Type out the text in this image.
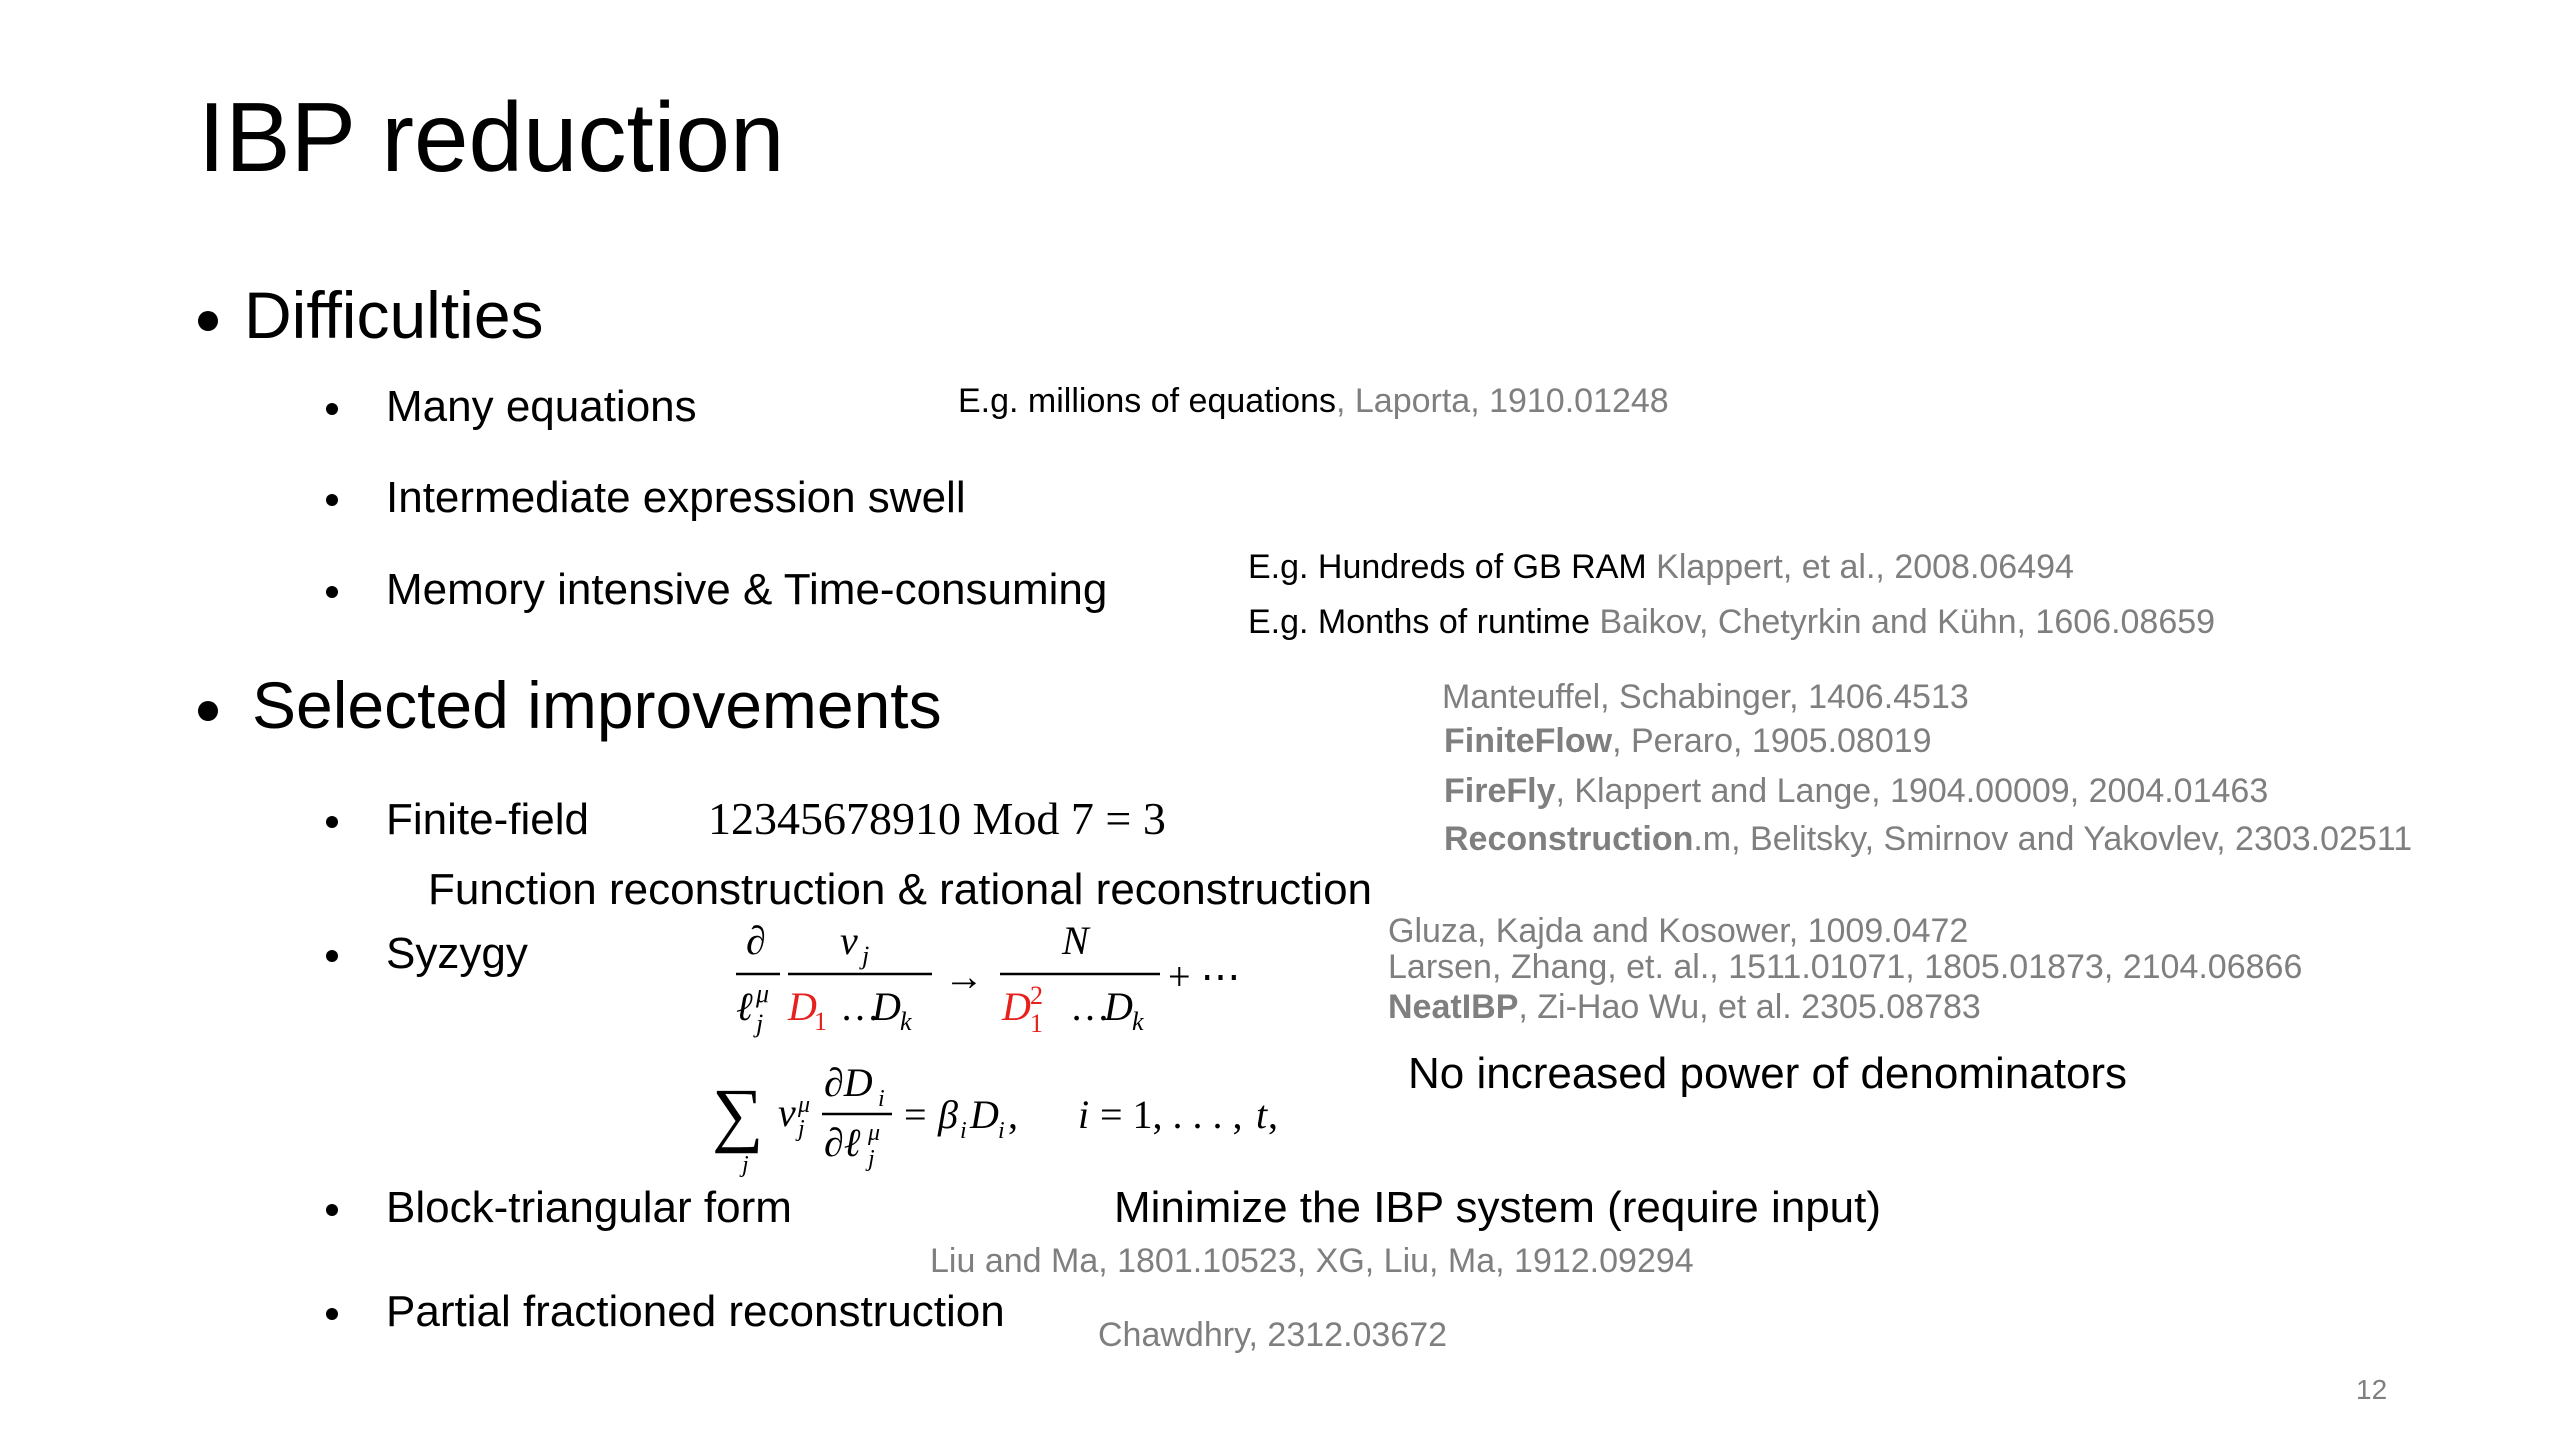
IBP reduction
Difficulties
Many equations
Intermediate expression swell
Memory intensive & Time-consuming
E.g. millions of equations, Laporta, 1910.01248
E.g. Hundreds of GB RAM Klappert, et al., 2008.06494
E.g. Months of runtime Baikov, Chetyrkin and Kühn, 1606.08659
Selected improvements	Manteuffel, Schabinger, 1406.4513
FiniteFlow, Peraro, 1905.08019
FireFly, Klappert and Lange, 1904.00009, 2004.01463
Reconstruction.m, Belitsky, Smirnov and Yakovlev, 2303.02511
Finite-field	12345678910 Mod 7 = 3
Function reconstruction & rational reconstruction
Syzygy	∂
ℓ μ
j
ν j
D
1 …
D k
→
N
D 2
1 …
D k
+ ⋯
∑
j
ν μ
j
∂D i
∂ℓ μ
j
= β i D i , i = 1, . . . , t ,
Gluza, Kajda and Kosower, 1009.0472
Larsen, Zhang, et. al., 1511.01071, 1805.01873, 2104.06866
NeatIBP, Zi-Hao Wu, et al. 2305.08783
No increased power of denominators
Block-triangular form	Minimize the IBP system (require input)
Liu and Ma, 1801.10523, XG, Liu, Ma, 1912.09294
Partial fractioned reconstruction	Chawdhry, 2312.03672
12
